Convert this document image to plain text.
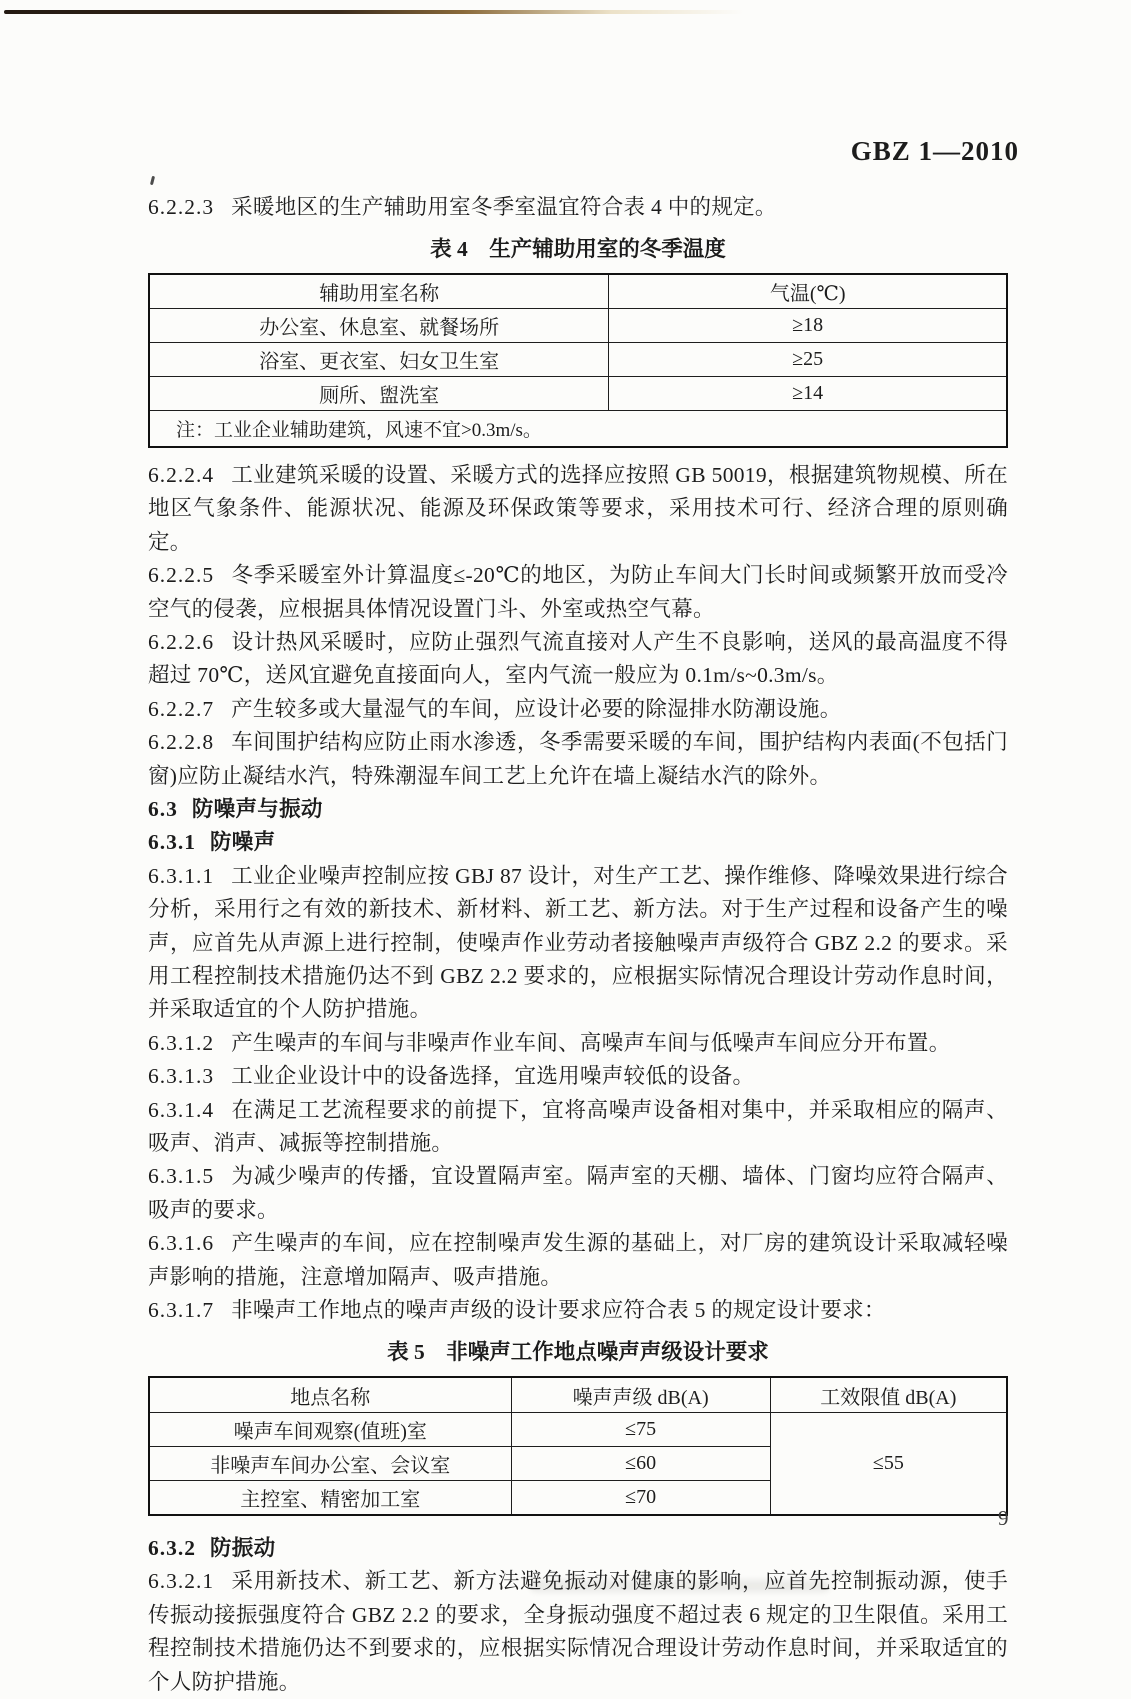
GBZ 1—2010

6.2.2.3 采暖地区的生产辅助用室冬季室温宜符合表 4 中的规定。

表 4　生产辅助用室的冬季温度
辅助用室名称	气温(℃)
办公室、休息室、就餐场所	≥18
浴室、更衣室、妇女卫生室	≥25
厕所、盥洗室	≥14
注：工业企业辅助建筑，风速不宜>0.3m/s。	

6.2.2.4 工业建筑采暖的设置、采暖方式的选择应按照 GB 50019，根据建筑物规模、所在地区气象条件、能源状况、能源及环保政策等要求，采用技术可行、经济合理的原则确定。

6.2.2.5 冬季采暖室外计算温度≤-20℃的地区，为防止车间大门长时间或频繁开放而受冷空气的侵袭，应根据具体情况设置门斗、外室或热空气幕。

6.2.2.6 设计热风采暖时，应防止强烈气流直接对人产生不良影响，送风的最高温度不得超过 70℃，送风宜避免直接面向人，室内气流一般应为 0.1m/s~0.3m/s。

6.2.2.7 产生较多或大量湿气的车间，应设计必要的除湿排水防潮设施。

6.2.2.8 车间围护结构应防止雨水渗透，冬季需要采暖的车间，围护结构内表面(不包括门窗)应防止凝结水汽，特殊潮湿车间工艺上允许在墙上凝结水汽的除外。

6.3 防噪声与振动

6.3.1 防噪声

6.3.1.1 工业企业噪声控制应按 GBJ 87 设计，对生产工艺、操作维修、降噪效果进行综合分析，采用行之有效的新技术、新材料、新工艺、新方法。对于生产过程和设备产生的噪声，应首先从声源上进行控制，使噪声作业劳动者接触噪声声级符合 GBZ 2.2 的要求。采用工程控制技术措施仍达不到 GBZ 2.2 要求的，应根据实际情况合理设计劳动作息时间，并采取适宜的个人防护措施。

6.3.1.2 产生噪声的车间与非噪声作业车间、高噪声车间与低噪声车间应分开布置。

6.3.1.3 工业企业设计中的设备选择，宜选用噪声较低的设备。

6.3.1.4 在满足工艺流程要求的前提下，宜将高噪声设备相对集中，并采取相应的隔声、吸声、消声、减振等控制措施。

6.3.1.5 为减少噪声的传播，宜设置隔声室。隔声室的天棚、墙体、门窗均应符合隔声、吸声的要求。

6.3.1.6 产生噪声的车间，应在控制噪声发生源的基础上，对厂房的建筑设计采取减轻噪声影响的措施，注意增加隔声、吸声措施。

6.3.1.7 非噪声工作地点的噪声声级的设计要求应符合表 5 的规定设计要求：

表 5　非噪声工作地点噪声声级设计要求
地点名称	噪声声级 dB(A)	工效限值 dB(A)
噪声车间观察(值班)室	≤75	≤55
非噪声车间办公室、会议室	≤60	
主控室、精密加工室	≤70	

6.3.2 防振动

6.3.2.1 采用新技术、新工艺、新方法避免振动对健康的影响，应首先控制振动源，使手传振动接振强度符合 GBZ 2.2 的要求，全身振动强度不超过表 6 规定的卫生限值。采用工程控制技术措施仍达不到要求的，应根据实际情况合理设计劳动作息时间，并采取适宜的个人防护措施。

9
